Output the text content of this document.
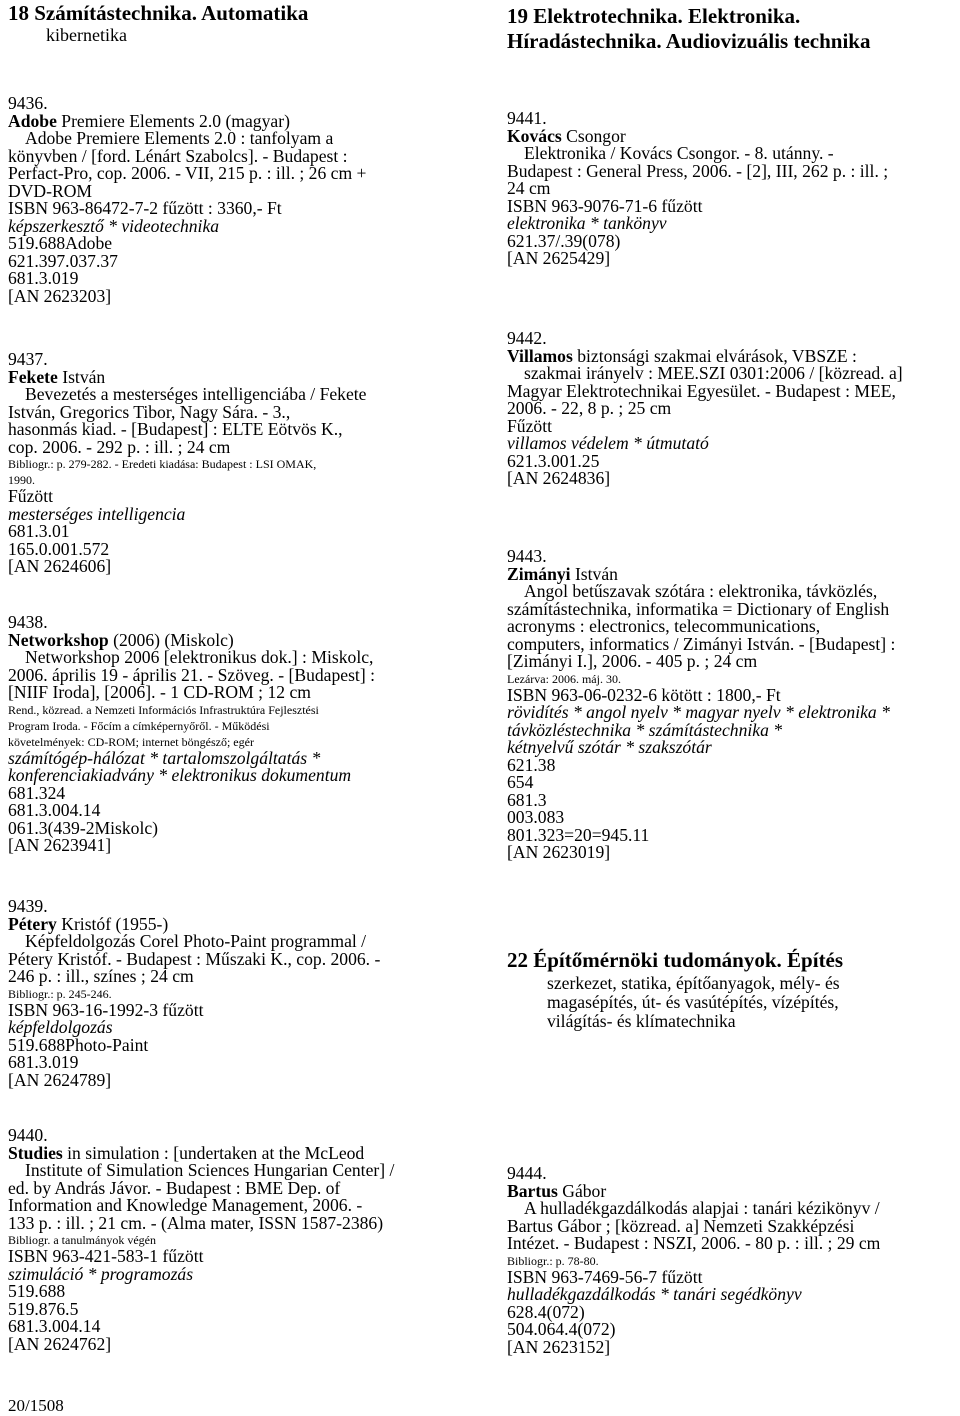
18 Számítástechnika. Automatika
kibernetika
19 Elektrotechnika. Elektronika.
Híradástechnika. Audiovizuális technika
9436.
Adobe Premiere Elements 2.0 (magyar)
Adobe Premiere Elements 2.0 : tanfolyam a
könyvben / [ford. Lénárt Szabolcs]. - Budapest :
Perfact-Pro, cop. 2006. - VII, 215 p. : ill. ; 26 cm +
DVD-ROM
ISBN 963-86472-7-2 fűzött : 3360,- Ft
képszerkesztő * videotechnika
519.688Adobe
621.397.037.37
681.3.019
[AN 2623203]
9437.
Fekete István
Bevezetés a mesterséges intelligenciába / Fekete
István, Gregorics Tibor, Nagy Sára. - 3.,
hasonmás kiad. - [Budapest] : ELTE Eötvös K.,
cop. 2006. - 292 p. : ill. ; 24 cm
Bibliogr.: p. 279-282. - Eredeti kiadása: Budapest : LSI OMAK,
1990.
Fűzött
mesterséges intelligencia
681.3.01
165.0.001.572
[AN 2624606]
9438.
Networkshop (2006) (Miskolc)
Networkshop 2006 [elektronikus dok.] : Miskolc,
2006. április 19 - április 21. - Szöveg. - [Budapest] :
[NIIF Iroda], [2006]. - 1 CD-ROM ; 12 cm
Rend., közread. a Nemzeti Információs Infrastruktúra Fejlesztési
Program Iroda. - Főcím a címképernyőről. - Működési
követelmények: CD-ROM; internet böngésző; egér
számítógép-hálózat * tartalomszolgáltatás *
konferenciakiadvány * elektronikus dokumentum
681.324
681.3.004.14
061.3(439-2Miskolc)
[AN 2623941]
9439.
Pétery Kristóf (1955-)
Képfeldolgozás Corel Photo-Paint programmal /
Pétery Kristóf. - Budapest : Műszaki K., cop. 2006. -
246 p. : ill., színes ; 24 cm
Bibliogr.: p. 245-246.
ISBN 963-16-1992-3 fűzött
képfeldolgozás
519.688Photo-Paint
681.3.019
[AN 2624789]
9440.
Studies in simulation : [undertaken at the McLeod
Institute of Simulation Sciences Hungarian Center] /
ed. by András Jávor. - Budapest : BME Dep. of
Information and Knowledge Management, 2006. -
133 p. : ill. ; 21 cm. - (Alma mater, ISSN 1587-2386)
Bibliogr. a tanulmányok végén
ISBN 963-421-583-1 fűzött
szimuláció * programozás
519.688
519.876.5
681.3.004.14
[AN 2624762]
9441.
Kovács Csongor
Elektronika / Kovács Csongor. - 8. utánny. -
Budapest : General Press, 2006. - [2], III, 262 p. : ill. ;
24 cm
ISBN 963-9076-71-6 fűzött
elektronika * tankönyv
621.37/.39(078)
[AN 2625429]
9442.
Villamos biztonsági szakmai elvárások, VBSZE :
szakmai irányelv : MEE.SZI 0301:2006 / [közread. a]
Magyar Elektrotechnikai Egyesület. - Budapest : MEE,
2006. - 22, 8 p. ; 25 cm
Fűzött
villamos védelem * útmutató
621.3.001.25
[AN 2624836]
9443.
Zimányi István
Angol betűszavak szótára : elektronika, távközlés,
számítástechnika, informatika = Dictionary of English
acronyms : electronics, telecommunications,
computers, informatics / Zimányi István. - [Budapest] :
[Zimányi I.], 2006. - 405 p. ; 24 cm
Lezárva: 2006. máj. 30.
ISBN 963-06-0232-6 kötött : 1800,- Ft
rövidítés * angol nyelv * magyar nyelv * elektronika *
távközléstechnika * számítástechnika *
kétnyelvű szótár * szakszótár
621.38
654
681.3
003.083
801.323=20=945.11
[AN 2623019]
9444.
Bartus Gábor
A hulladékgazdálkodás alapjai : tanári kézikönyv /
Bartus Gábor ; [közread. a] Nemzeti Szakképzési
Intézet. - Budapest : NSZI, 2006. - 80 p. : ill. ; 29 cm
Bibliogr.: p. 78-80.
ISBN 963-7469-56-7 fűzött
hulladékgazdálkodás * tanári segédkönyv
628.4(072)
504.064.4(072)
[AN 2623152]
22 Építőmérnöki tudományok. Építés
szerkezet, statika, építőanyagok, mély- és
magasépítés, út- és vasútépítés, vízépítés,
világítás- és klímatechnika
20/1508
